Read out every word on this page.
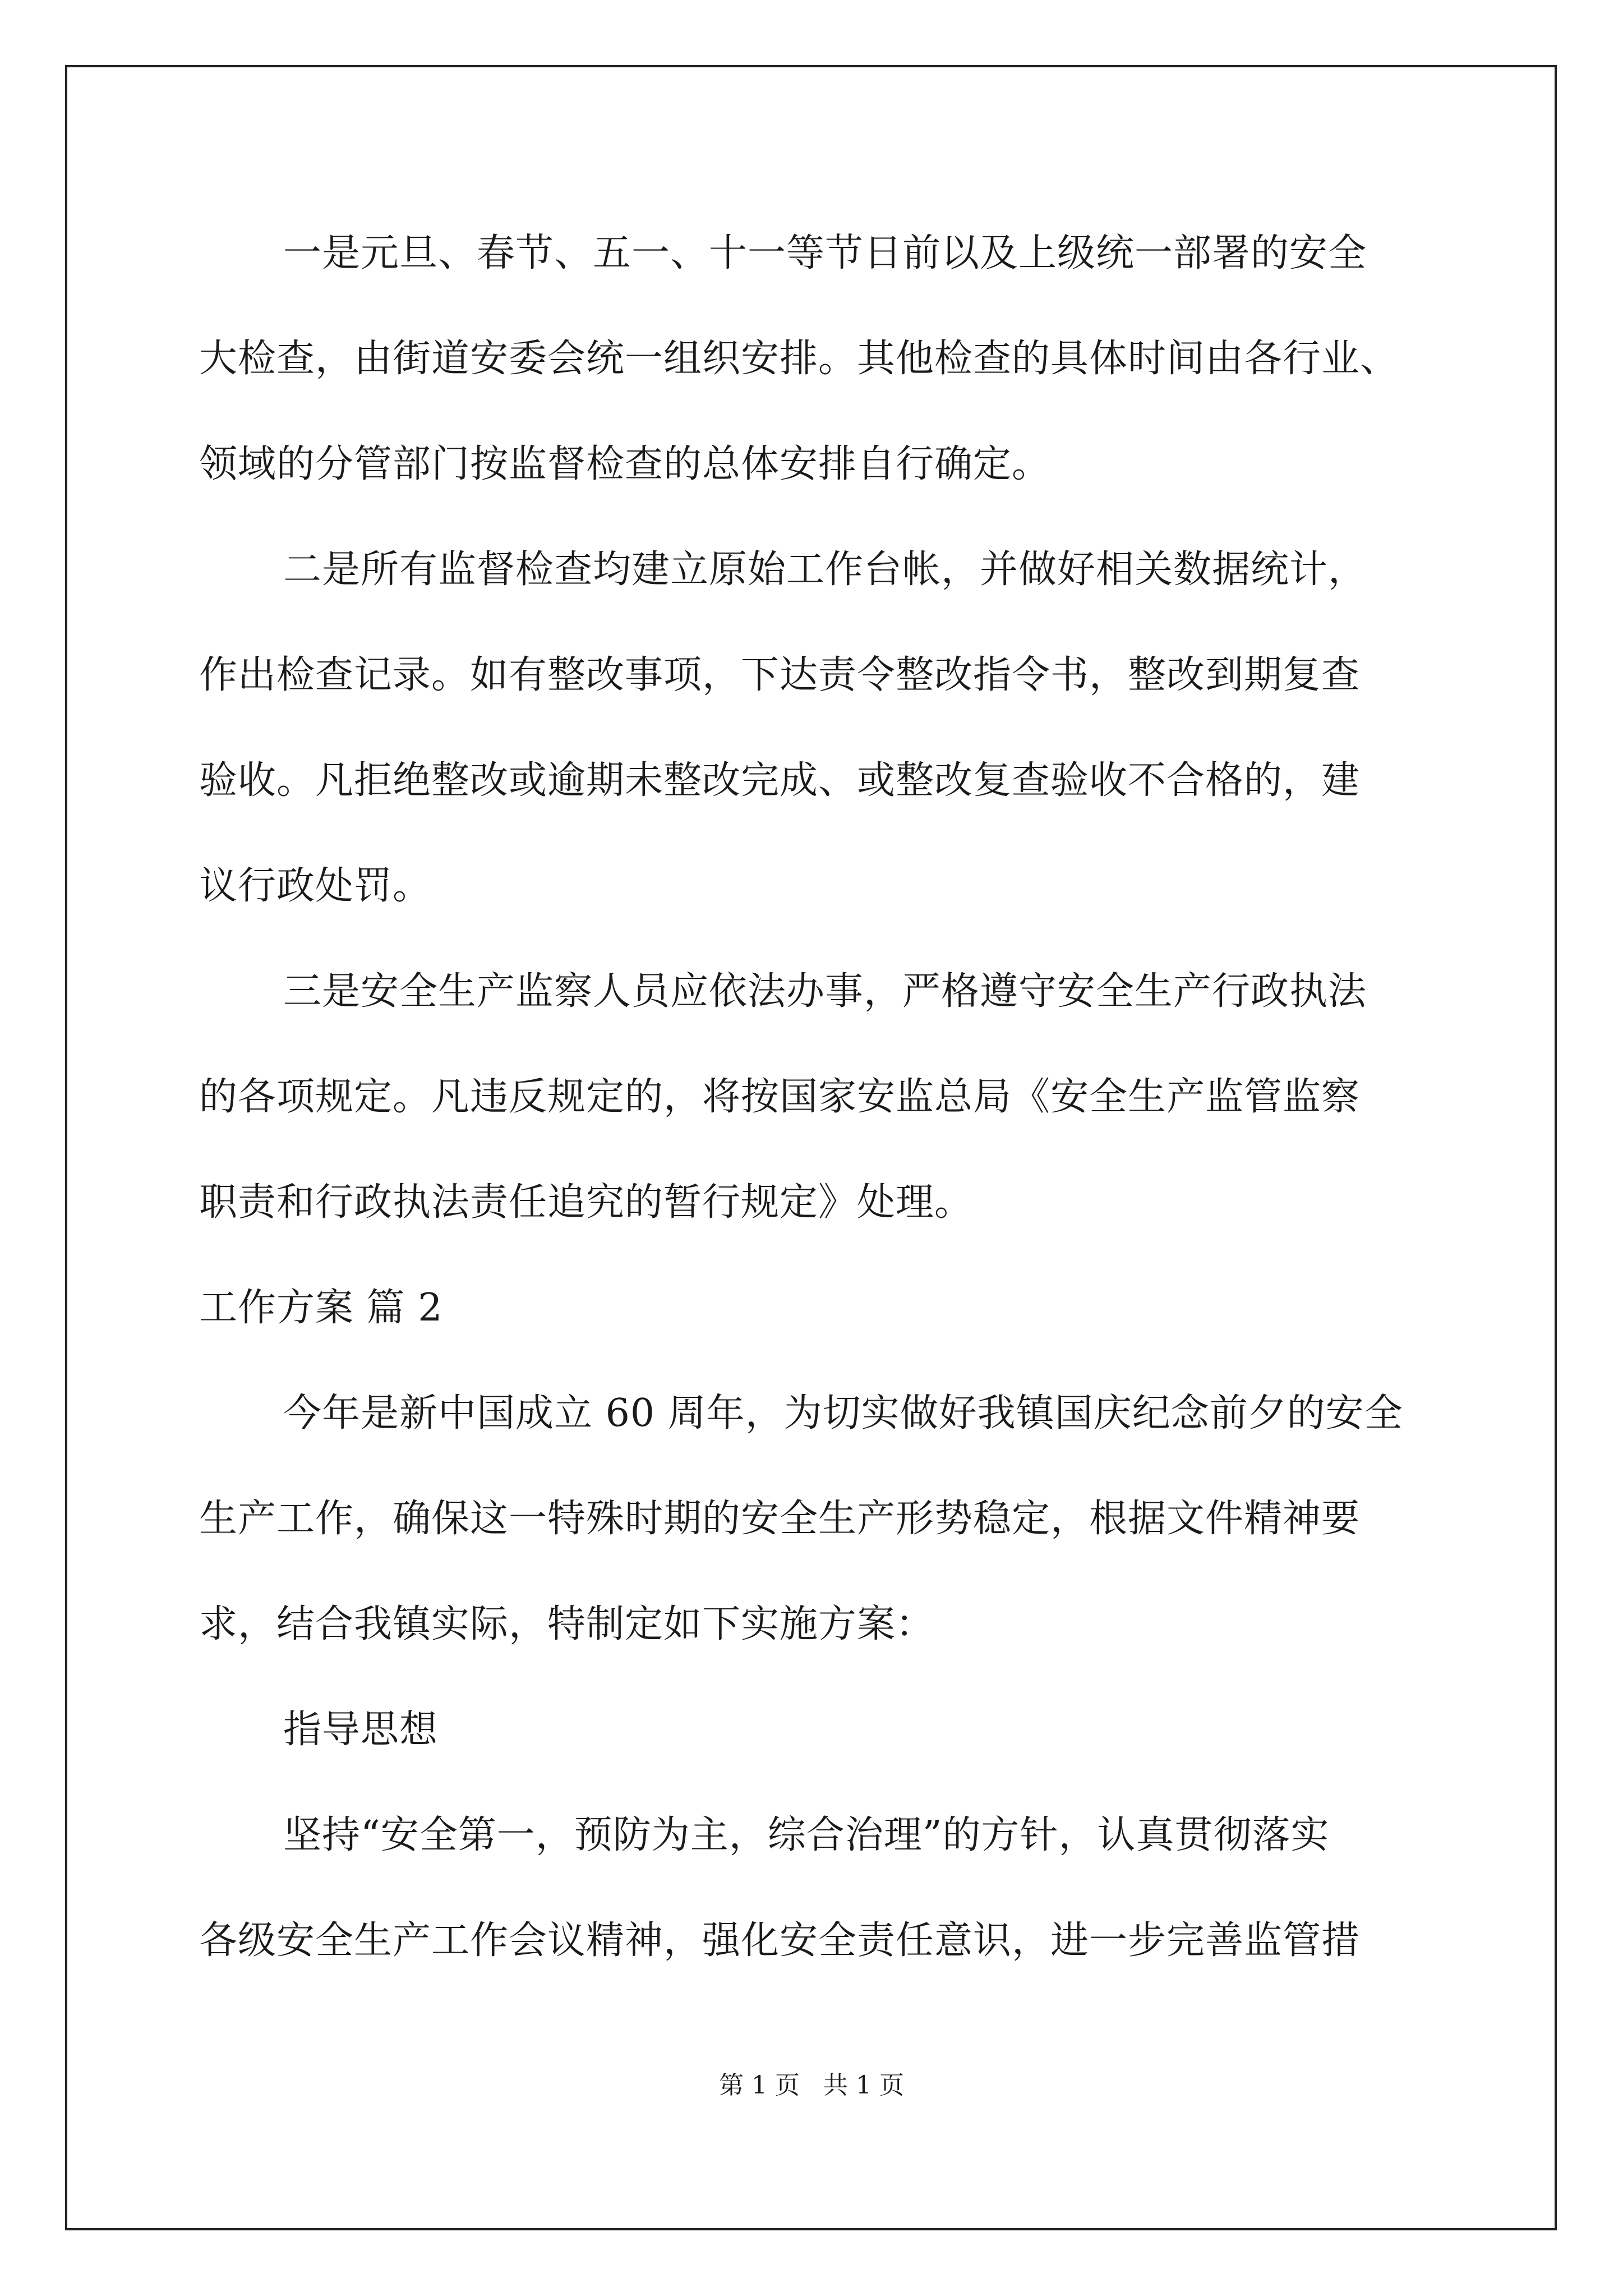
一是元旦、春节、五一、十一等节日前以及上级统一部署的安全

大检查，由街道安委会统一组织安排。其他检查的具体时间由各行业、

领域的分管部门按监督检查的总体安排自行确定。

二是所有监督检查均建立原始工作台帐，并做好相关数据统计，

作出检查记录。如有整改事项，下达责令整改指令书，整改到期复查

验收。凡拒绝整改或逾期未整改完成、或整改复查验收不合格的，建

议行政处罚。

三是安全生产监察人员应依法办事，严格遵守安全生产行政执法

的各项规定。凡违反规定的，将按国家安监总局《安全生产监管监察

职责和行政执法责任追究的暂行规定》处理。

工作方案 篇 2

今年是新中国成立 60 周年，为切实做好我镇国庆纪念前夕的安全

生产工作，确保这一特殊时期的安全生产形势稳定，根据文件精神要

求，结合我镇实际，特制定如下实施方案：

指导思想

坚持“安全第一，预防为主，综合治理”的方针，认真贯彻落实

各级安全生产工作会议精神，强化安全责任意识，进一步完善监管措

第 1 页   共 1 页
